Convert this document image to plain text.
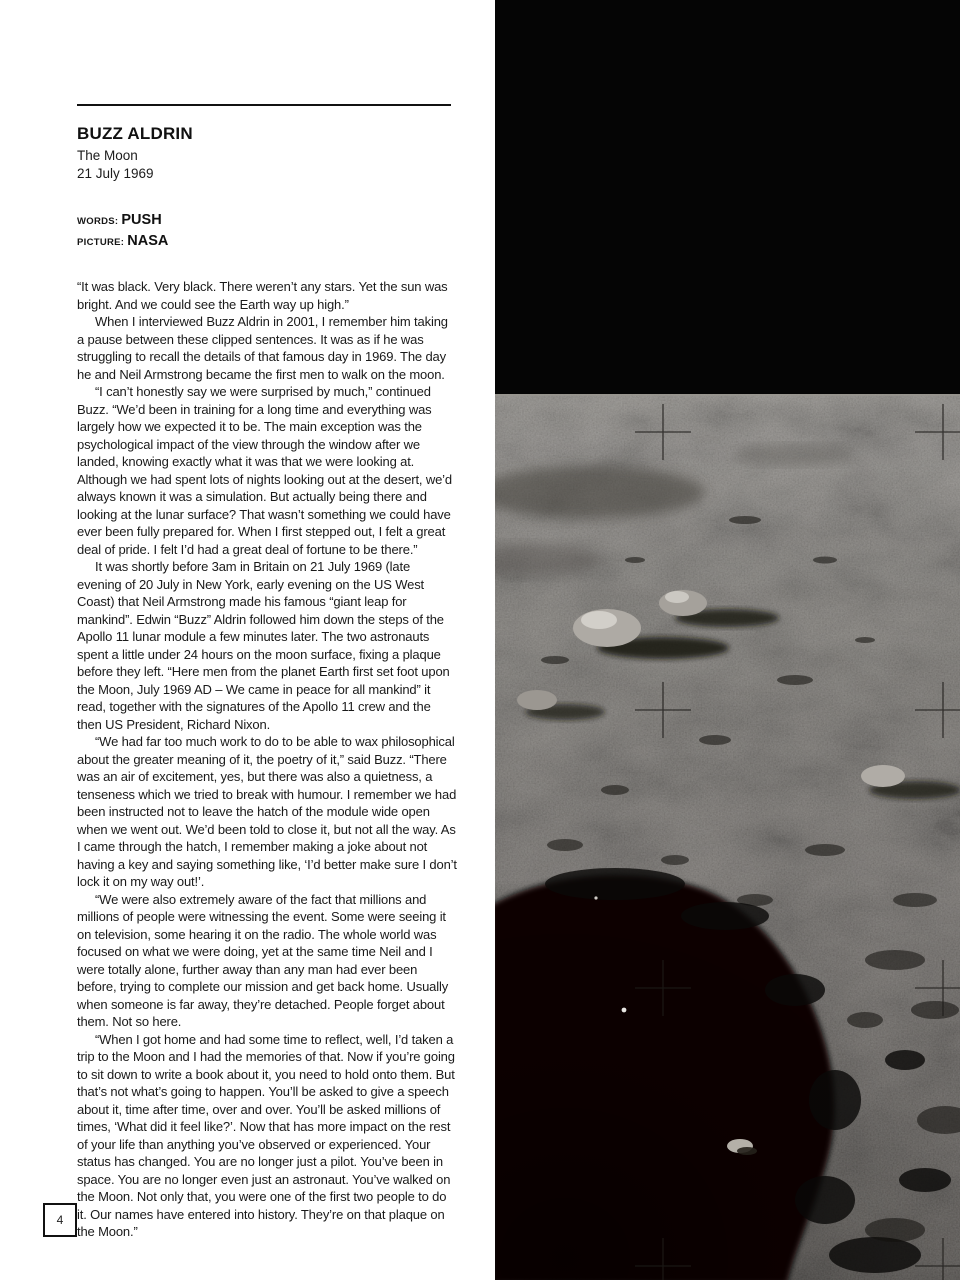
BUZZ ALDRIN

The Moon

21 July 1969

WORDS: PUSH
PICTURE: NASA

“It was black. Very black. There weren’t any stars. Yet the sun was bright. And we could see the Earth way up high.”

When I interviewed Buzz Aldrin in 2001, I remember him taking a pause between these clipped sentences. It was as if he was struggling to recall the details of that famous day in 1969. The day he and Neil Armstrong became the first men to walk on the moon.

“I can’t honestly say we were surprised by much,” continued Buzz. “We’d been in training for a long time and everything was largely how we expected it to be. The main exception was the psychological impact of the view through the window after we landed, knowing exactly what it was that we were looking at. Although we had spent lots of nights looking out at the desert, we’d always known it was a simulation. But actually being there and looking at the lunar surface? That wasn’t something we could have ever been fully prepared for. When I first stepped out, I felt a great deal of pride. I felt I’d had a great deal of fortune to be there.”

It was shortly before 3am in Britain on 21 July 1969 (late evening of 20 July in New York, early evening on the US West Coast) that Neil Armstrong made his famous “giant leap for mankind”. Edwin “Buzz” Aldrin followed him down the steps of the Apollo 11 lunar module a few minutes later. The two astronauts spent a little under 24 hours on the moon surface, fixing a plaque before they left. “Here men from the planet Earth first set foot upon the Moon, July 1969 AD – We came in peace for all mankind” it read, together with the signatures of the Apollo 11 crew and the then US President, Richard Nixon.

“We had far too much work to do to be able to wax philosophical about the greater meaning of it, the poetry of it,” said Buzz. “There was an air of excitement, yes, but there was also a quietness, a tenseness which we tried to break with humour. I remember we had been instructed not to leave the hatch of the module wide open when we went out. We’d been told to close it, but not all the way. As I came through the hatch, I remember making a joke about not having a key and saying something like, ‘I’d better make sure I don’t lock it on my way out!’.

“We were also extremely aware of the fact that millions and millions of people were witnessing the event. Some were seeing it on television, some hearing it on the radio. The whole world was focused on what we were doing, yet at the same time Neil and I were totally alone, further away than any man had ever been before, trying to complete our mission and get back home. Usually when someone is far away, they’re detached. People forget about them. Not so here.

“When I got home and had some time to reflect, well, I’d taken a trip to the Moon and I had the memories of that. Now if you’re going to sit down to write a book about it, you need to hold onto them. But that’s not what’s going to happen. You’ll be asked to give a speech about it, time after time, over and over. You’ll be asked millions of times, ‘What did it feel like?’. Now that has more impact on the rest of your life than anything you’ve observed or experienced. Your status has changed. You are no longer just a pilot. You’ve been in space. You are no longer even just an astronaut. You’ve walked on the Moon. Not only that, you were one of the first two people to do it. Our names have entered into history. They’re on that plaque on the Moon.”

4
